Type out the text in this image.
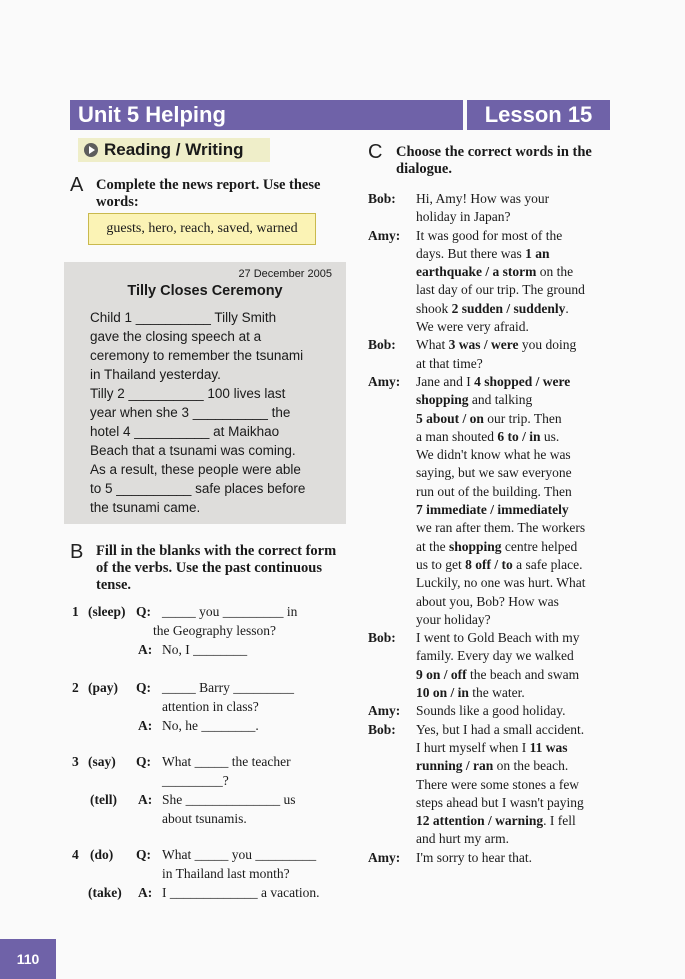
Unit 5 Helping	Lesson 15
Reading / Writing
A Complete the news report. Use these words:
guests, hero, reach, saved, warned
27 December 2005
Tilly Closes Ceremony
Child 1 __________ Tilly Smith
gave the closing speech at a
ceremony to remember the tsunami
in Thailand yesterday.
Tilly 2 __________ 100 lives last
year when she 3 __________ the
hotel 4 __________ at Maikhao
Beach that a tsunami was coming.
As a result, these people were able
to 5 __________ safe places before
the tsunami came.
B Fill in the blanks with the correct form of the verbs. Use the past continuous tense.
1 (sleep) Q: _____ you _________ in
the Geography lesson?
A: No, I ________
2 (pay) Q: _____ Barry _________
attention in class?
A: No, he ________.
3 (say) Q: What _____ the teacher
_________?
(tell) A: She ______________ us
about tsunamis.
4 (do) Q: What _____ you _________
in Thailand last month?
(take) A: I _____________ a vacation.
C Choose the correct words in the dialogue.
Bob: Hi, Amy! How was your
holiday in Japan?
Amy: It was good for most of the
days. But there was 1 an
earthquake / a storm on the
last day of our trip. The ground
shook 2 sudden / suddenly.
We were very afraid.
Bob: What 3 was / were you doing
at that time?
Amy: Jane and I 4 shopped / were
shopping and talking
5 about / on our trip. Then
a man shouted 6 to / in us.
We didn't know what he was
saying, but we saw everyone
run out of the building. Then
7 immediate / immediately
we ran after them. The workers
at the shopping centre helped
us to get 8 off / to a safe place.
Luckily, no one was hurt. What
about you, Bob? How was
your holiday?
Bob: I went to Gold Beach with my
family. Every day we walked
9 on / off the beach and swam
10 on / in the water.
Amy: Sounds like a good holiday.
Bob: Yes, but I had a small accident.
I hurt myself when I 11 was
running / ran on the beach.
There were some stones a few
steps ahead but I wasn't paying
12 attention / warning. I fell
and hurt my arm.
Amy: I'm sorry to hear that.
110
